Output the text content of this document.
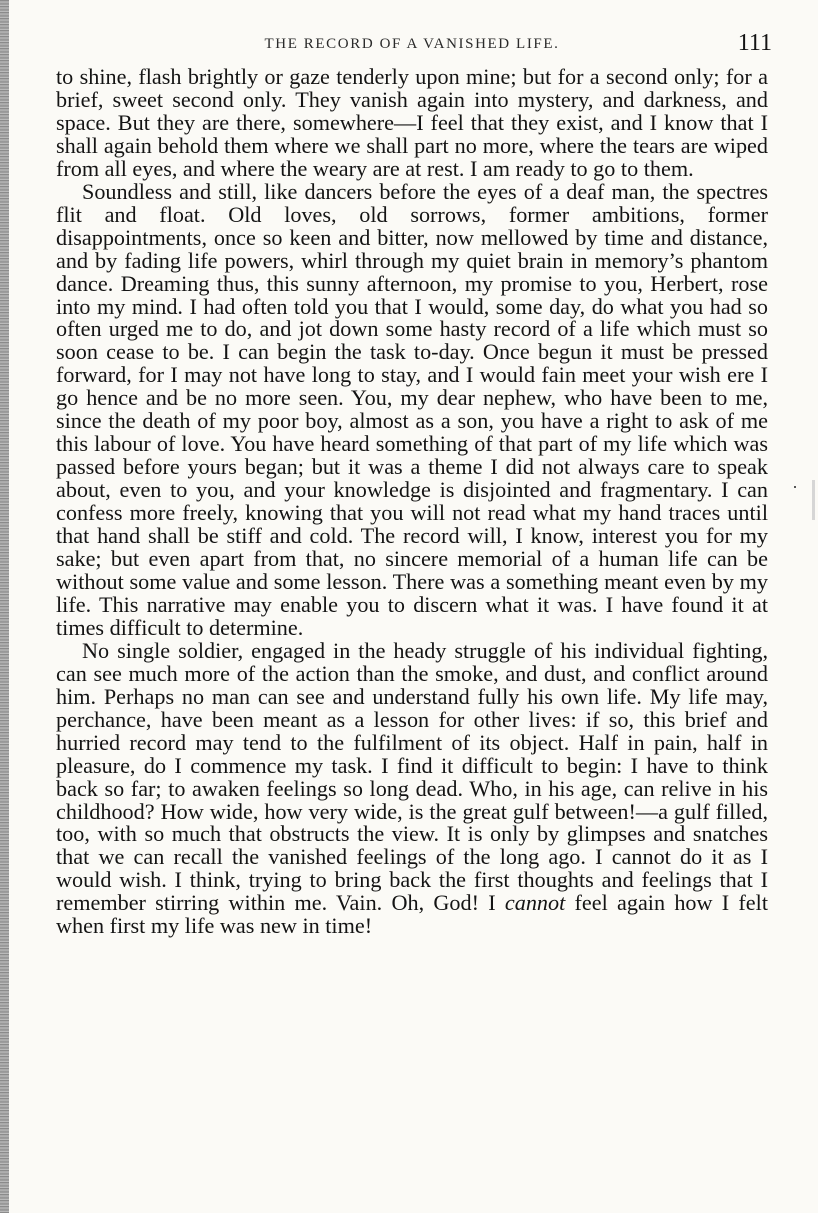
THE RECORD OF A VANISHED LIFE.	111

to shine, flash brightly or gaze tenderly upon mine; but for a second only; for a brief, sweet second only. They vanish again into mystery, and darkness, and space. But they are there, somewhere—I feel that they exist, and I know that I shall again behold them where we shall part no more, where the tears are wiped from all eyes, and where the weary are at rest. I am ready to go to them.

Soundless and still, like dancers before the eyes of a deaf man, the spectres flit and float. Old loves, old sorrows, former ambitions, former disappointments, once so keen and bitter, now mellowed by time and distance, and by fading life powers, whirl through my quiet brain in memory’s phantom dance. Dreaming thus, this sunny afternoon, my promise to you, Herbert, rose into my mind. I had often told you that I would, some day, do what you had so often urged me to do, and jot down some hasty record of a life which must so soon cease to be. I can begin the task to-day. Once begun it must be pressed forward, for I may not have long to stay, and I would fain meet your wish ere I go hence and be no more seen. You, my dear nephew, who have been to me, since the death of my poor boy, almost as a son, you have a right to ask of me this labour of love. You have heard something of that part of my life which was passed before yours began; but it was a theme I did not always care to speak about, even to you, and your knowledge is disjointed and fragmentary. I can confess more freely, knowing that you will not read what my hand traces until that hand shall be stiff and cold. The record will, I know, interest you for my sake; but even apart from that, no sincere memorial of a human life can be without some value and some lesson. There was a something meant even by my life. This narrative may enable you to discern what it was. I have found it at times difficult to determine.

No single soldier, engaged in the heady struggle of his individual fighting, can see much more of the action than the smoke, and dust, and conflict around him. Perhaps no man can see and understand fully his own life. My life may, perchance, have been meant as a lesson for other lives: if so, this brief and hurried record may tend to the fulfilment of its object. Half in pain, half in pleasure, do I commence my task. I find it difficult to begin: I have to think back so far; to awaken feelings so long dead. Who, in his age, can relive in his childhood? How wide, how very wide, is the great gulf between!—a gulf filled, too, with so much that obstructs the view. It is only by glimpses and snatches that we can recall the vanished feelings of the long ago. I cannot do it as I would wish. I think, trying to bring back the first thoughts and feelings that I remember stirring within me. Vain. Oh, God! I cannot feel again how I felt when first my life was new in time!
